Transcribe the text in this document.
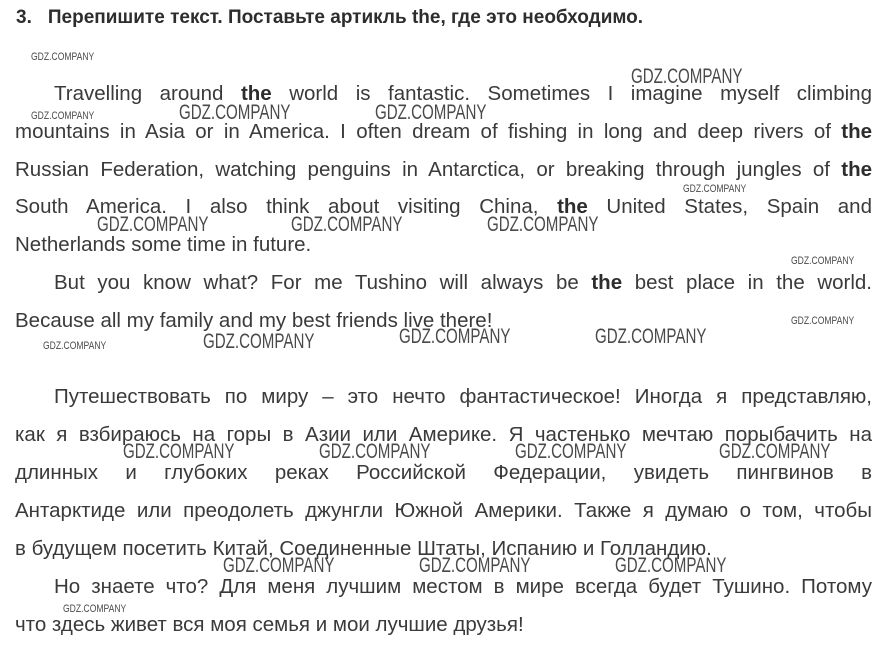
3. Перепишите текст. Поставьте артикль the, где это необходимо.
Travelling around the world is fantastic. Sometimes I imagine myself climbing
mountains in Asia or in America. I often dream of fishing in long and deep rivers of the
Russian Federation, watching penguins in Antarctica, or breaking through jungles of the
South America. I also think about visiting China, the United States, Spain and
Netherlands some time in future.
But you know what? For me Tushino will always be the best place in the world.
Because all my family and my best friends live there!
Путешествовать по миру – это нечто фантастическое! Иногда я представляю,
как я взбираюсь на горы в Азии или Америке. Я частенько мечтаю порыбачить на
длинных и глубоких реках Российской Федерации, увидеть пингвинов в
Антарктиде или преодолеть джунгли Южной Америки. Также я думаю о том, чтобы
в будущем посетить Китай, Соединенные Штаты, Испанию и Голландию.
Но знаете что? Для меня лучшим местом в мире всегда будет Тушино. Потому
что здесь живет вся моя семья и мои лучшие друзья!
GDZ.COMPANY
GDZ.COMPANY
GDZ.COMPANY	GDZ.COMPANY	GDZ.COMPANY
GDZ.COMPANY
GDZ.COMPANY	GDZ.COMPANY	GDZ.COMPANY
GDZ.COMPANY
GDZ.COMPANY
GDZ.COMPANY	GDZ.COMPANY	GDZ.COMPANY
GDZ.COMPANY
GDZ.COMPANY	GDZ.COMPANY	GDZ.COMPANY	GDZ.COMPANY
GDZ.COMPANY	GDZ.COMPANY	GDZ.COMPANY
GDZ.COMPANY
